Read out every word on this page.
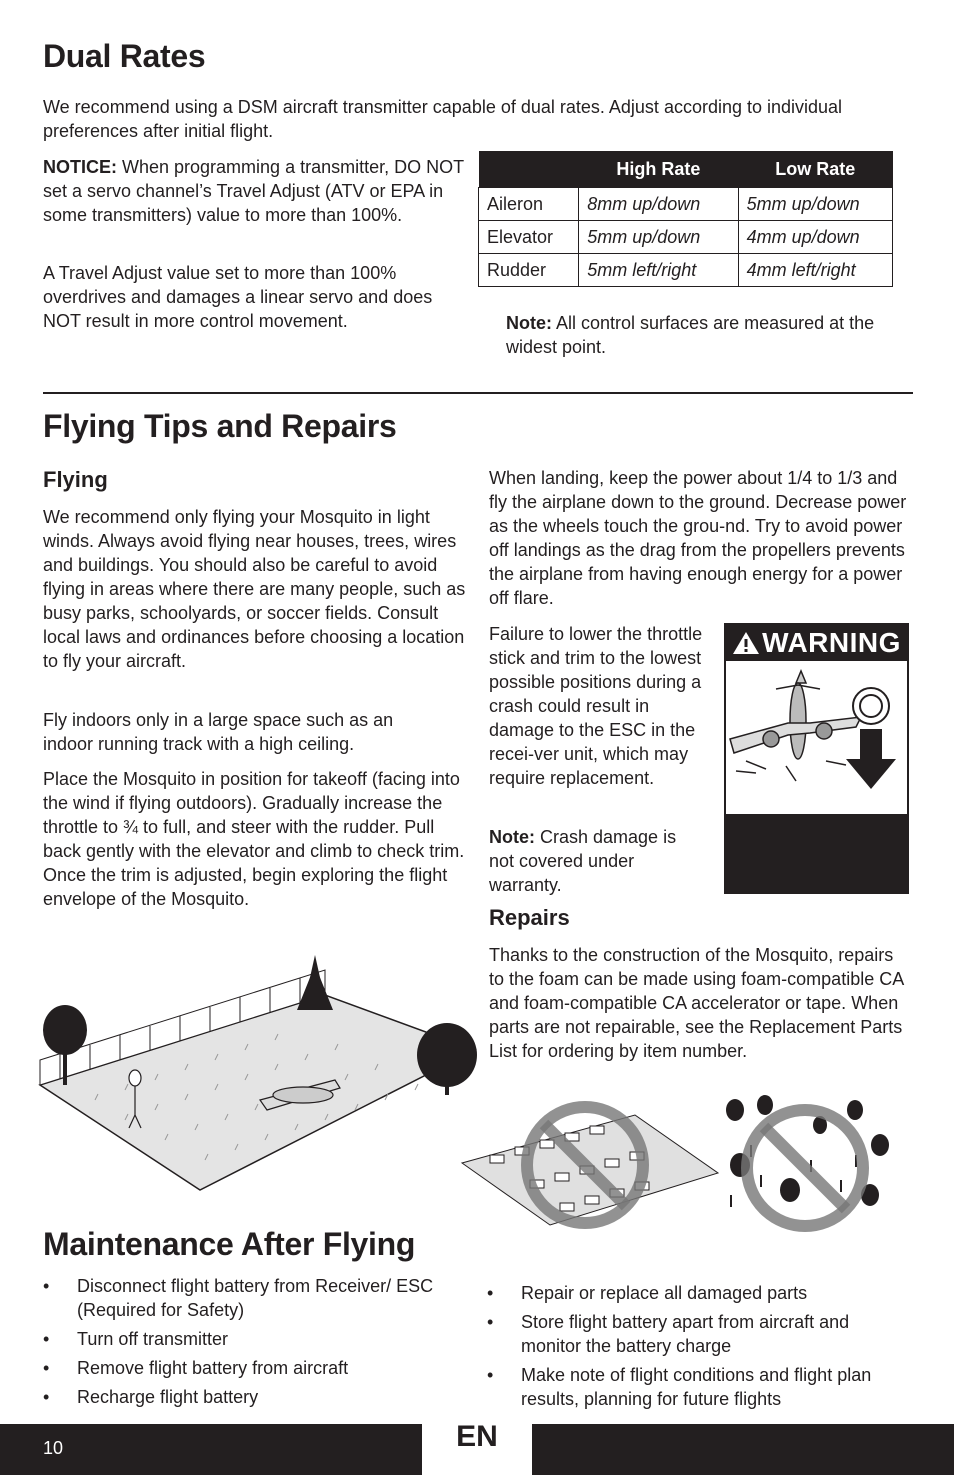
Dual Rates

We recommend using a DSM aircraft transmitter capable of dual rates. Adjust according to individual preferences after initial flight.

NOTICE: When programming a transmitter, DO NOT set a servo channel’s Travel Adjust (ATV or EPA in some transmitters) value to more than 100%.

A Travel Adjust value set to more than 100% overdrives and damages a linear servo and does NOT result in more control movement.

	High Rate	Low Rate
Aileron	8mm up/down	5mm up/down
Elevator	5mm up/down	4mm up/down
Rudder	5mm left/right	4mm left/right

Note: All control surfaces are measured at the widest point.

Flying Tips and Repairs
Flying

We recommend only flying your Mosquito in light winds. Always avoid flying near houses, trees, wires and buildings. You should also be careful to avoid flying in areas where there are many people, such as busy parks, schoolyards, or soccer fields. Consult local laws and ordinances before choosing a location to fly your aircraft.

Fly indoors only in a large space such as an indoor running track with a high ceiling.

Place the Mosquito in position for takeoff (facing into the wind if flying outdoors). Gradually increase the throttle to ¾ to full, and steer with the rudder. Pull back gently with the elevator and climb to check trim. Once the trim is adjusted, begin exploring the flight envelope of the Mosquito.

When landing, keep the power about 1/4 to 1/3 and fly the airplane down to the ground. Decrease power as the wheels touch the grou-nd. Try to avoid power off landings as the drag from the propellers prevents the airplane from having enough energy for a power off flare.

Failure to lower the throttle stick and trim to the lowest possible positions during a crash could result in damage to the ESC in the recei-ver unit, which may require replacement.

Note: Crash damage is not covered under warranty.

WARNING
Repairs

Thanks to the construction of the Mosquito, repairs to the foam can be made using foam-compatible CA and foam-compatible CA accelerator or tape. When parts are not repairable, see the Replacement Parts List for ordering by item number.

Maintenance After Flying
• Disconnect flight battery from Receiver/ ESC (Required for Safety)
• Turn off transmitter
• Remove flight battery from aircraft
• Recharge flight battery
• Repair or replace all damaged parts
• Store flight battery apart from aircraft and monitor the battery charge
• Make note of flight conditions and flight plan results, planning for future flights
10	EN
